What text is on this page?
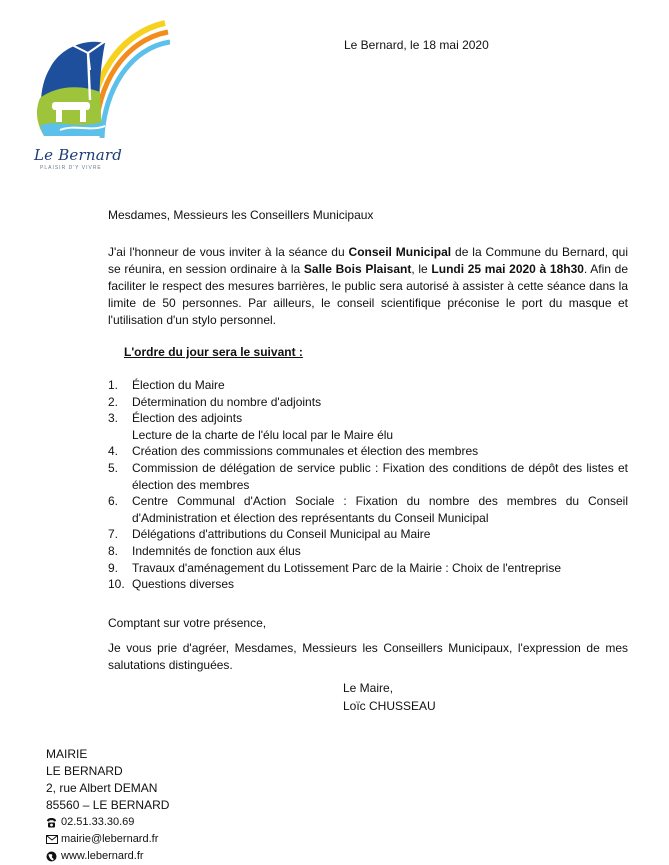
Le Bernard
PLAISIR D'Y VIVRE
Le Bernard, le 18 mai 2020
Mesdames, Messieurs les Conseillers Municipaux
J'ai l'honneur de vous inviter à la séance du Conseil Municipal de la Commune du Bernard, qui se réunira, en session ordinaire à la Salle Bois Plaisant, le Lundi 25 mai 2020 à 18h30. Afin de faciliter le respect des mesures barrières, le public sera autorisé à assister à cette séance dans la limite de 50 personnes. Par ailleurs, le conseil scientifique préconise le port du masque et l'utilisation d'un stylo personnel.
L'ordre du jour sera le suivant :
1.	Élection du Maire
2.	Détermination du nombre d'adjoints
3.	Élection des adjoints
Lecture de la charte de l'élu local par le Maire élu
4.	Création des commissions communales et élection des membres
5.	Commission de délégation de service public : Fixation des conditions de dépôt des listes et élection des membres
6.	Centre Communal d'Action Sociale : Fixation du nombre des membres du Conseil d'Administration et élection des représentants du Conseil Municipal
7.	Délégations d'attributions du Conseil Municipal au Maire
8.	Indemnités de fonction aux élus
9.	Travaux d'aménagement du Lotissement Parc de la Mairie : Choix de l'entreprise
10. Questions diverses
Comptant sur votre présence,
Je vous prie d'agréer, Mesdames, Messieurs les Conseillers Municipaux, l'expression de mes salutations distinguées.
Le Maire,
Loïc CHUSSEAU
MAIRIE
LE BERNARD
2, rue Albert DEMAN
85560 – LE BERNARD
02.51.33.30.69
mairie@lebernard.fr
www.lebernard.fr
